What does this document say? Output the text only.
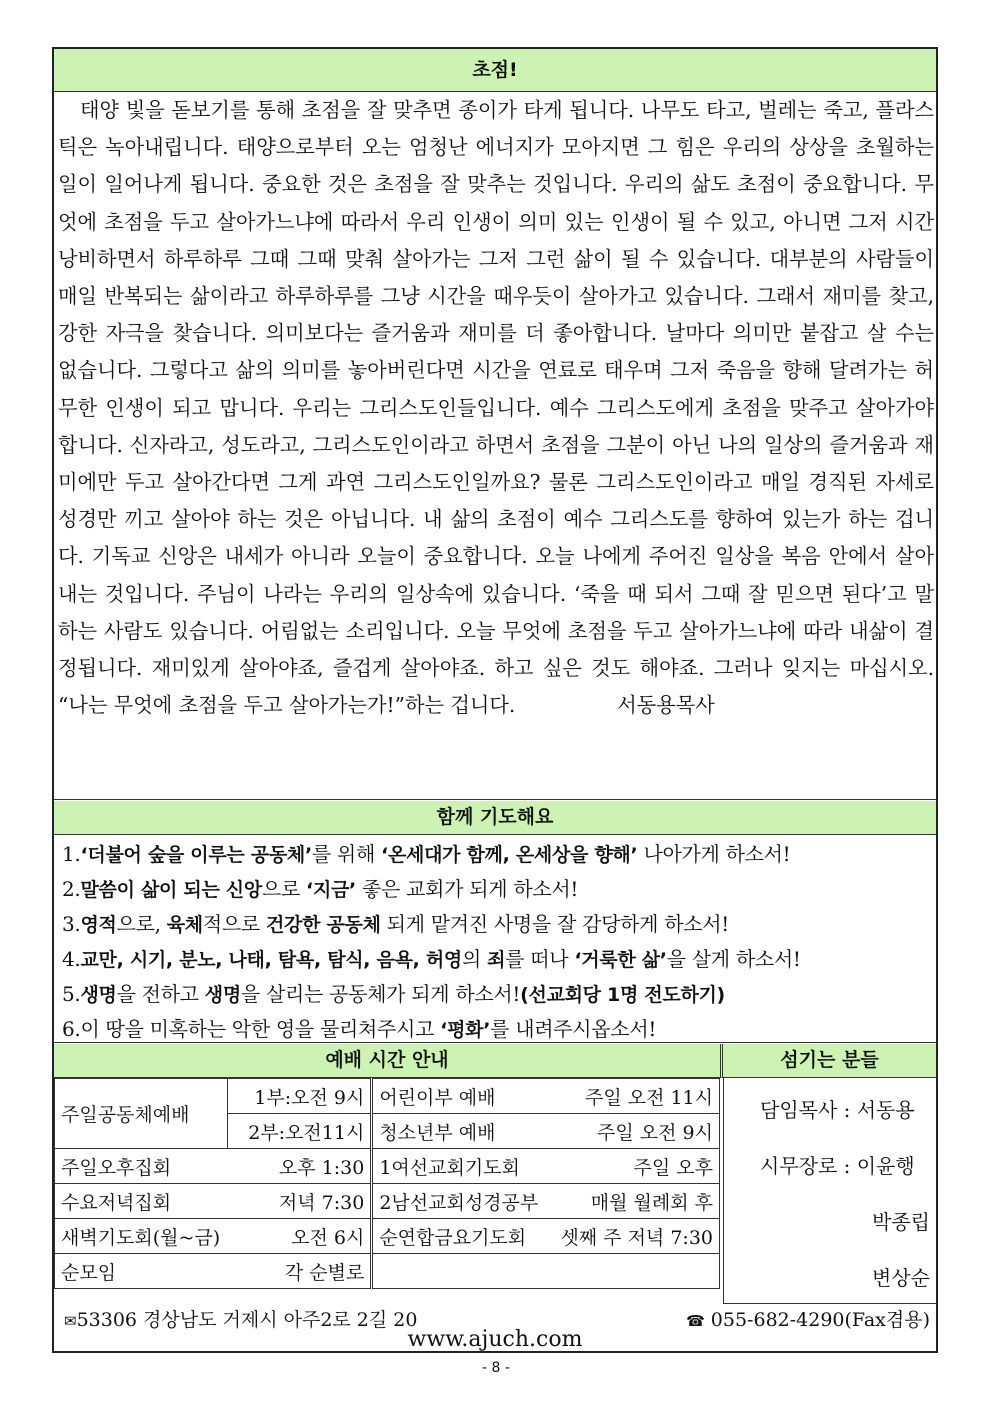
초점!
태양 빛을 돋보기를 통해 초점을 잘 맞추면 종이가 타게 됩니다. 나무도 타고, 벌레는 죽고, 플라스틱은 녹아내립니다. 태양으로부터 오는 엄청난 에너지가 모아지면 그 힘은 우리의 상상을 초월하는 일이 일어나게 됩니다. 중요한 것은 초점을 잘 맞추는 것입니다. 우리의 삶도 초점이 중요합니다. 무엇에 초점을 두고 살아가느냐에 따라서 우리 인생이 의미 있는 인생이 될 수 있고, 아니면 그저 시간 낭비하면서 하루하루 그때 그때 맞춰 살아가는 그저 그런 삶이 될 수 있습니다. 대부분의 사람들이 매일 반복되는 삶이라고 하루하루를 그냥 시간을 때우듯이 살아가고 있습니다. 그래서 재미를 찾고, 강한 자극을 찾습니다. 의미보다는 즐거움과 재미를 더 좋아합니다. 날마다 의미만 붙잡고 살 수는 없습니다. 그렇다고 삶의 의미를 놓아버린다면 시간을 연료로 태우며 그저 죽음을 향해 달려가는 허무한 인생이 되고 맙니다. 우리는 그리스도인들입니다. 예수 그리스도에게 초점을 맞주고 살아가야 합니다. 신자라고, 성도라고, 그리스도인이라고 하면서 초점을 그분이 아닌 나의 일상의 즐거움과 재미에만 두고 살아간다면 그게 과연 그리스도인일까요? 물론 그리스도인이라고 매일 경직된 자세로 성경만 끼고 살아야 하는 것은 아닙니다. 내 삶의 초점이 예수 그리스도를 향하여 있는가 하는 겁니다. 기독교 신앙은 내세가 아니라 오늘이 중요합니다. 오늘 나에게 주어진 일상을 복음 안에서 살아내는 것입니다. 주님이 나라는 우리의 일상속에 있습니다. ‘죽을 때 되서 그때 잘 믿으면 된다’고 말하는 사람도 있습니다. 어림없는 소리입니다. 오늘 무엇에 초점을 두고 살아가느냐에 따라 내삶이 결정됩니다. 재미있게 살아야죠, 즐겁게 살아야죠. 하고 싶은 것도 해야죠. 그러나 잊지는 마십시오. “나는 무엇에 초점을 두고 살아가는가!”하는 겁니다.	서동용목사
함께 기도해요
1.‘더불어 숲을 이루는 공동체’를 위해 ‘온세대가 함께, 온세상을 향해’ 나아가게 하소서!
2.말씀이 삶이 되는 신앙으로 ‘지금’ 좋은 교회가 되게 하소서!
3.영적으로, 육체적으로 건강한 공동체 되게 맡겨진 사명을 잘 감당하게 하소서!
4.교만, 시기, 분노, 나태, 탐욕, 탐식, 음욕, 허영의 죄를 떠나 ‘거룩한 삶’을 살게 하소서!
5.생명을 전하고 생명을 살리는 공동체가 되게 하소서!(선교회당 1명 전도하기)
6.이 땅을 미혹하는 악한 영을 물리쳐주시고 ‘평화’를 내려주시옵소서!
예배 시간 안내	섬기는 분들
주일공동체예배	1부:오전 9시	어린이부 예배 주일 오전 11시

	2부:오전11시	청소년부 예배 주일 오전 9시

주일오후집회 오후 1:30		1여선교회기도회 주일 오후

수요저녁집회 저녁 7:30		2남선교회성경공부 매월 월례회 후

새벽기도회(월~금) 오전 6시		순연합금요기도회 셋째 주 저녁 7:30

순모임 각 순별로		

담임목사 : 서동용
시무장로 : 이윤행
박종립
변상순
✉53306 경상남도 거제시 아주2로 2길 20	☎ 055-682-4290(Fax겸용)
www.ajuch.com
- 8 -
